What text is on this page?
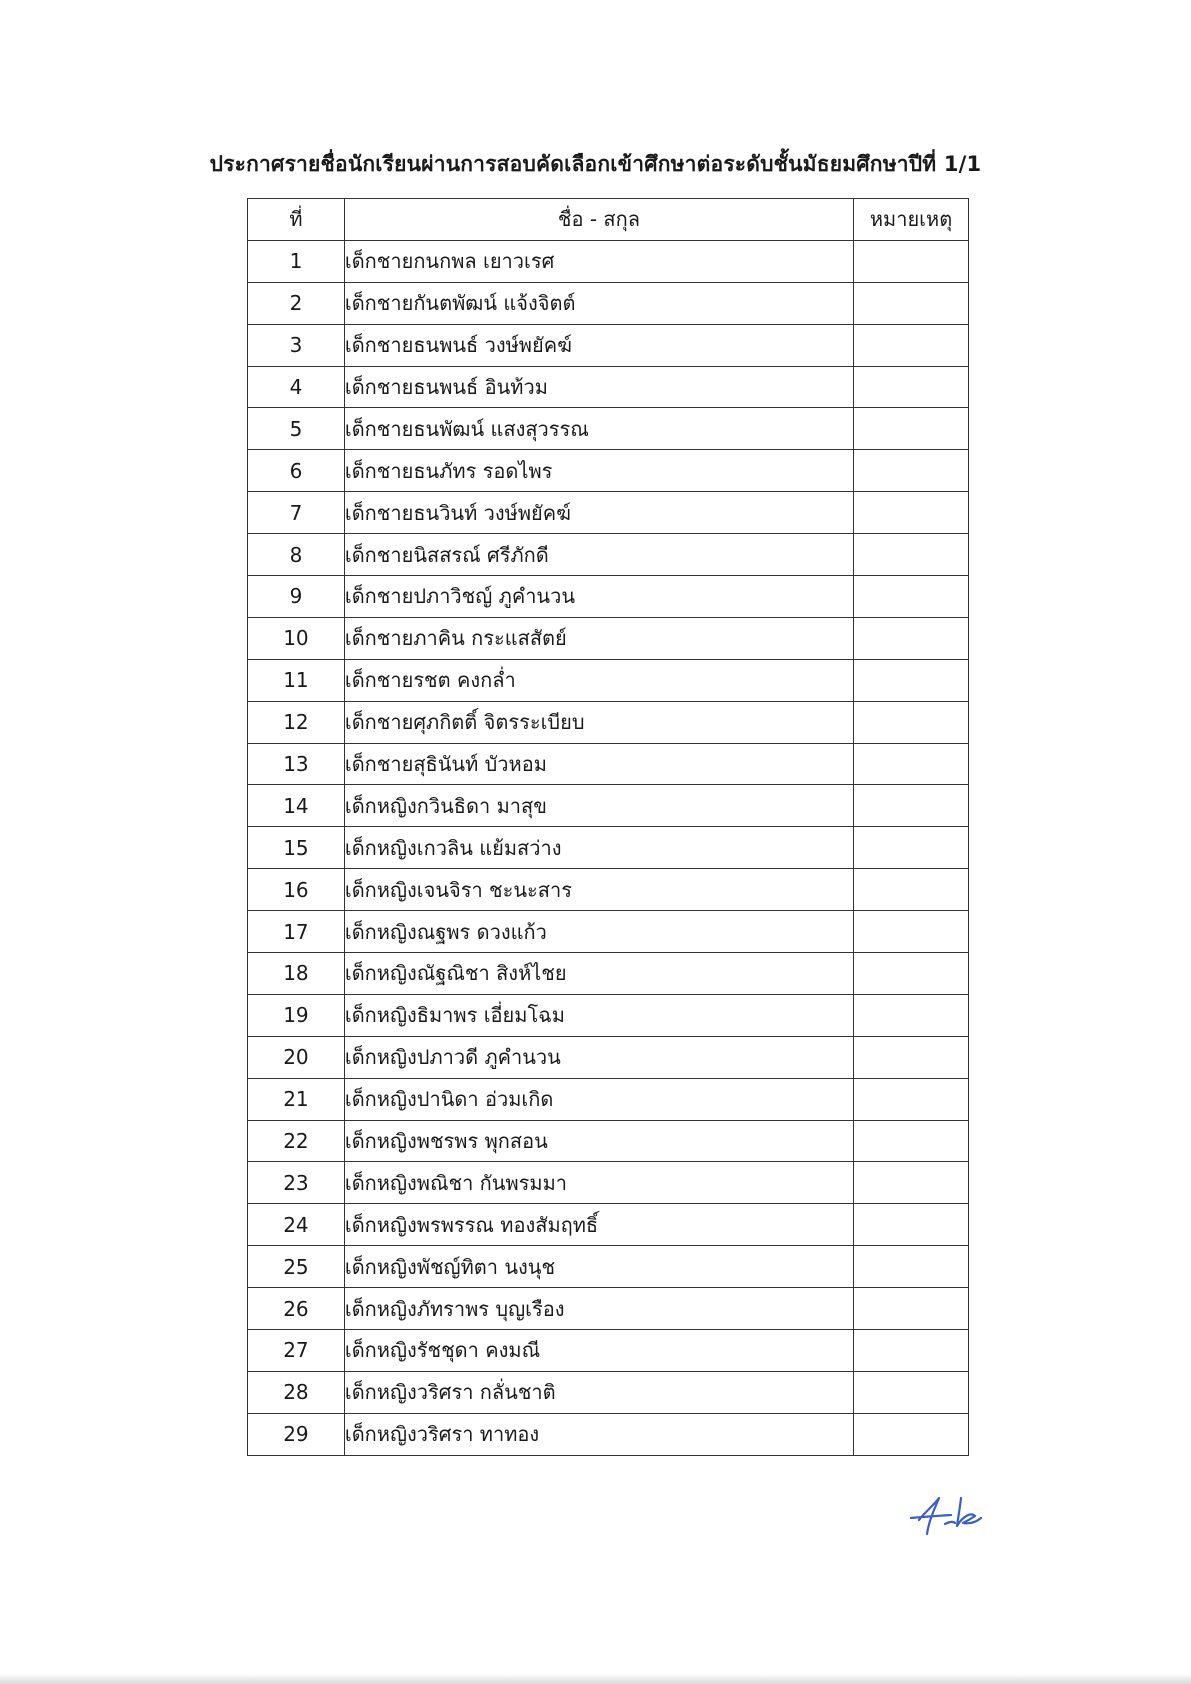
ประกาศรายชื่อนักเรียนผ่านการสอบคัดเลือกเข้าศึกษาต่อระดับชั้นมัธยมศึกษาปีที่ 1/1
ที่	ชื่อ - สกุล	หมายเหตุ
1	เด็กชายกนกพล เยาวเรศ	
2	เด็กชายกันตพัฒน์ แจ้งจิตต์	
3	เด็กชายธนพนธ์ วงษ์พยัคฆ์	
4	เด็กชายธนพนธ์ อินท้วม	
5	เด็กชายธนพัฒน์ แสงสุวรรณ	
6	เด็กชายธนภัทร รอดไพร	
7	เด็กชายธนวินท์ วงษ์พยัคฆ์	
8	เด็กชายนิสสรณ์ ศรีภักดี	
9	เด็กชายปภาวิชญ์ ภูคำนวน	
10	เด็กชายภาคิน กระแสสัตย์	
11	เด็กชายรชต คงกล่ำ	
12	เด็กชายศุภกิตติ์ จิตรระเบียบ	
13	เด็กชายสุธินันท์ บัวหอม	
14	เด็กหญิงกวินธิดา มาสุข	
15	เด็กหญิงเกวลิน แย้มสว่าง	
16	เด็กหญิงเจนจิรา ชะนะสาร	
17	เด็กหญิงณฐพร ดวงแก้ว	
18	เด็กหญิงณัฐณิชา สิงห์ไชย	
19	เด็กหญิงธิมาพร เอี่ยมโฉม	
20	เด็กหญิงปภาวดี ภูคำนวน	
21	เด็กหญิงปานิดา อ่วมเกิด	
22	เด็กหญิงพชรพร พุกสอน	
23	เด็กหญิงพณิชา กันพรมมา	
24	เด็กหญิงพรพรรณ ทองสัมฤทธิ์	
25	เด็กหญิงพัชญ์ทิตา นงนุช	
26	เด็กหญิงภัทราพร บุญเรือง	
27	เด็กหญิงรัชชุดา คงมณี	
28	เด็กหญิงวริศรา กลั่นชาติ	
29	เด็กหญิงวริศรา ทาทอง	
